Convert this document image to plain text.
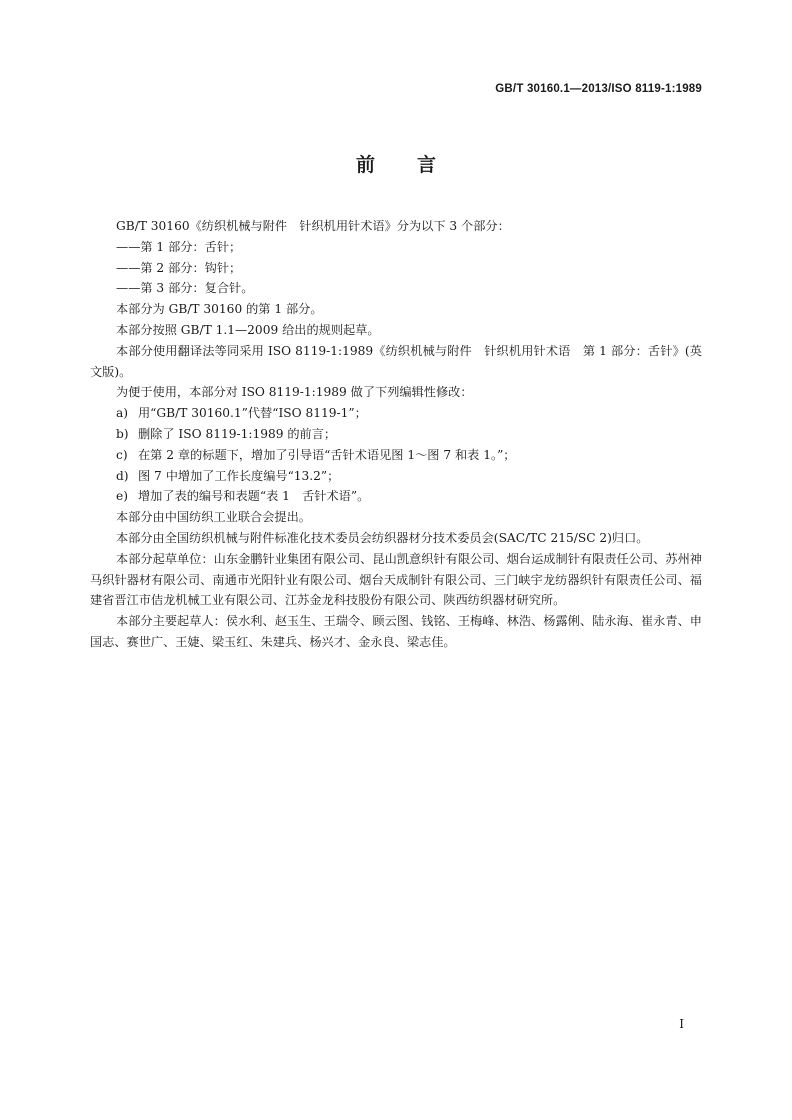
GB/T 30160.1—2013/ISO 8119-1:1989
前言

GB/T 30160《纺织机械与附件　针织机用针术语》分为以下 3 个部分：

——第 1 部分：舌针；

——第 2 部分：钩针；

——第 3 部分：复合针。

本部分为 GB/T 30160 的第 1 部分。

本部分按照 GB/T 1.1—2009 给出的规则起草。

本部分使用翻译法等同采用 ISO 8119-1:1989《纺织机械与附件　针织机用针术语　第 1 部分：舌针》(英文版)。

为便于使用，本部分对 ISO 8119-1:1989 做了下列编辑性修改：

a) 用“GB/T 30160.1”代替“ISO 8119-1”；

b) 删除了 ISO 8119-1:1989 的前言；

c) 在第 2 章的标题下，增加了引导语“舌针术语见图 1～图 7 和表 1。”；

d) 图 7 中增加了工作长度编号“13.2”；

e) 增加了表的编号和表题“表 1　舌针术语”。

本部分由中国纺织工业联合会提出。

本部分由全国纺织机械与附件标准化技术委员会纺织器材分技术委员会(SAC/TC 215/SC 2)归口。

本部分起草单位：山东金鹏针业集团有限公司、昆山凯意织针有限公司、烟台运成制针有限责任公司、苏州神马织针器材有限公司、南通市光阳针业有限公司、烟台天成制针有限公司、三门峡宇龙纺器织针有限责任公司、福建省晋江市佶龙机械工业有限公司、江苏金龙科技股份有限公司、陕西纺织器材研究所。

本部分主要起草人：侯水利、赵玉生、王瑞令、顾云图、钱铭、王梅峰、林浩、杨露俐、陆永海、崔永青、申国志、赛世广、王婕、梁玉红、朱建兵、杨兴才、金永良、梁志佳。

I
